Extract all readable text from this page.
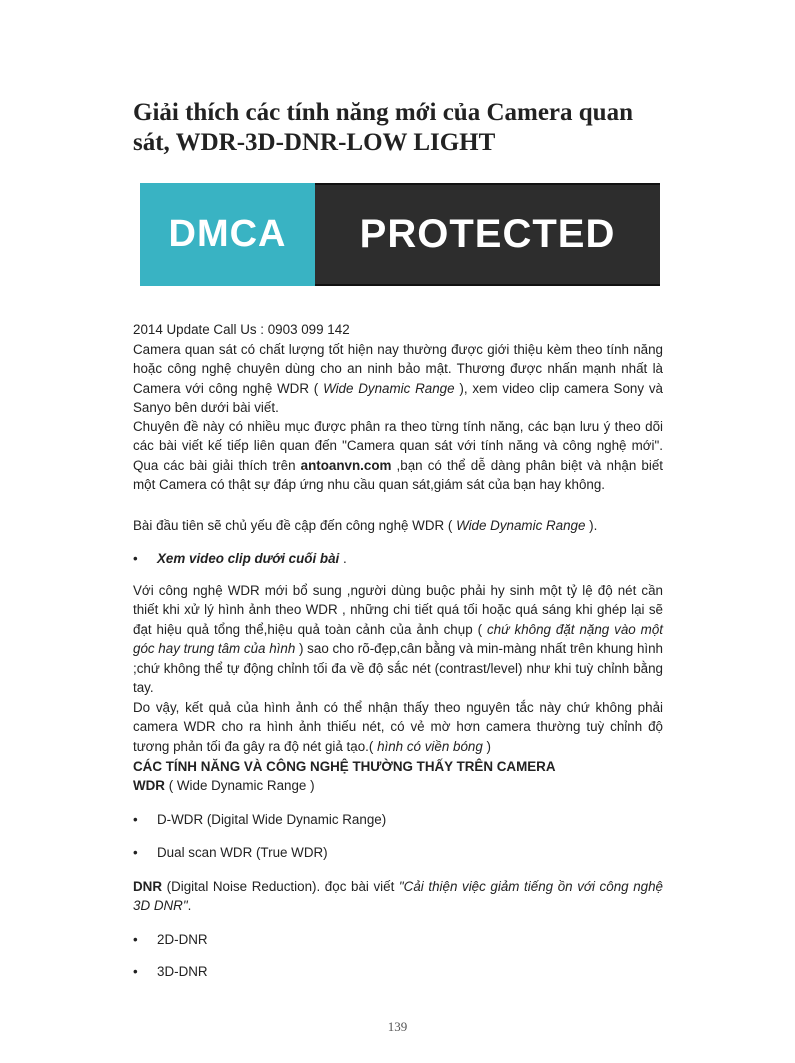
Giải thích các tính năng mới của Camera quan sát, WDR-3D-DNR-LOW LIGHT
DMCA	PROTECTED

2014 Update Call Us : 0903 099 142

Camera quan sát có chất lượng tốt hiện nay thường được giới thiệu kèm theo tính năng hoặc công nghệ chuyên dùng cho an ninh bảo mật. Thương được nhấn mạnh nhất là Camera với công nghệ WDR ( Wide Dynamic Range ), xem video clip camera Sony và Sanyo bên dưới bài viết.

Chuyên đề này có nhiều mục được phân ra theo từng tính năng, các bạn lưu ý theo dõi các bài viết kế tiếp liên quan đến "Camera quan sát với tính năng và công nghệ mới". Qua các bài giải thích trên antoanvn.com ,bạn có thể dễ dàng phân biệt và nhận biết một Camera có thật sự đáp ứng nhu cầu quan sát,giám sát của bạn hay không.

Bài đầu tiên sẽ chủ yếu đề cập đến công nghệ WDR ( Wide Dynamic Range ).

• Xem video clip dưới cuối bài .

Với công nghệ WDR mới bổ sung ,người dùng buộc phải hy sinh một tỷ lệ độ nét cần thiết khi xử lý hình ảnh theo WDR , những chi tiết quá tối hoặc quá sáng khi ghép lại sẽ đạt hiệu quả tổng thể,hiệu quả toàn cảnh của ảnh chụp ( chứ không đặt nặng vào một góc hay trung tâm của hình ) sao cho rõ-đẹp,cân bằng và min-màng nhất trên khung hình ;chứ không thể tự động chỉnh tối đa về độ sắc nét (contrast/level) như khi tuỳ chỉnh bằng tay.

Do vậy, kết quả của hình ảnh có thể nhận thấy theo nguyên tắc này chứ không phải camera WDR cho ra hình ảnh thiếu nét, có vẻ mờ hơn camera thường tuỳ chỉnh độ tương phản tối đa gây ra độ nét giả tạo.( hình có viền bóng )

CÁC TÍNH NĂNG VÀ CÔNG NGHỆ THƯỜNG THẤY TRÊN CAMERA

WDR ( Wide Dynamic Range )

• D-WDR (Digital Wide Dynamic Range)
• Dual scan WDR (True WDR)

DNR (Digital Noise Reduction). đọc bài viết "Cải thiện việc giảm tiếng ồn với công nghệ 3D DNR".

• 2D-DNR
• 3D-DNR
139
